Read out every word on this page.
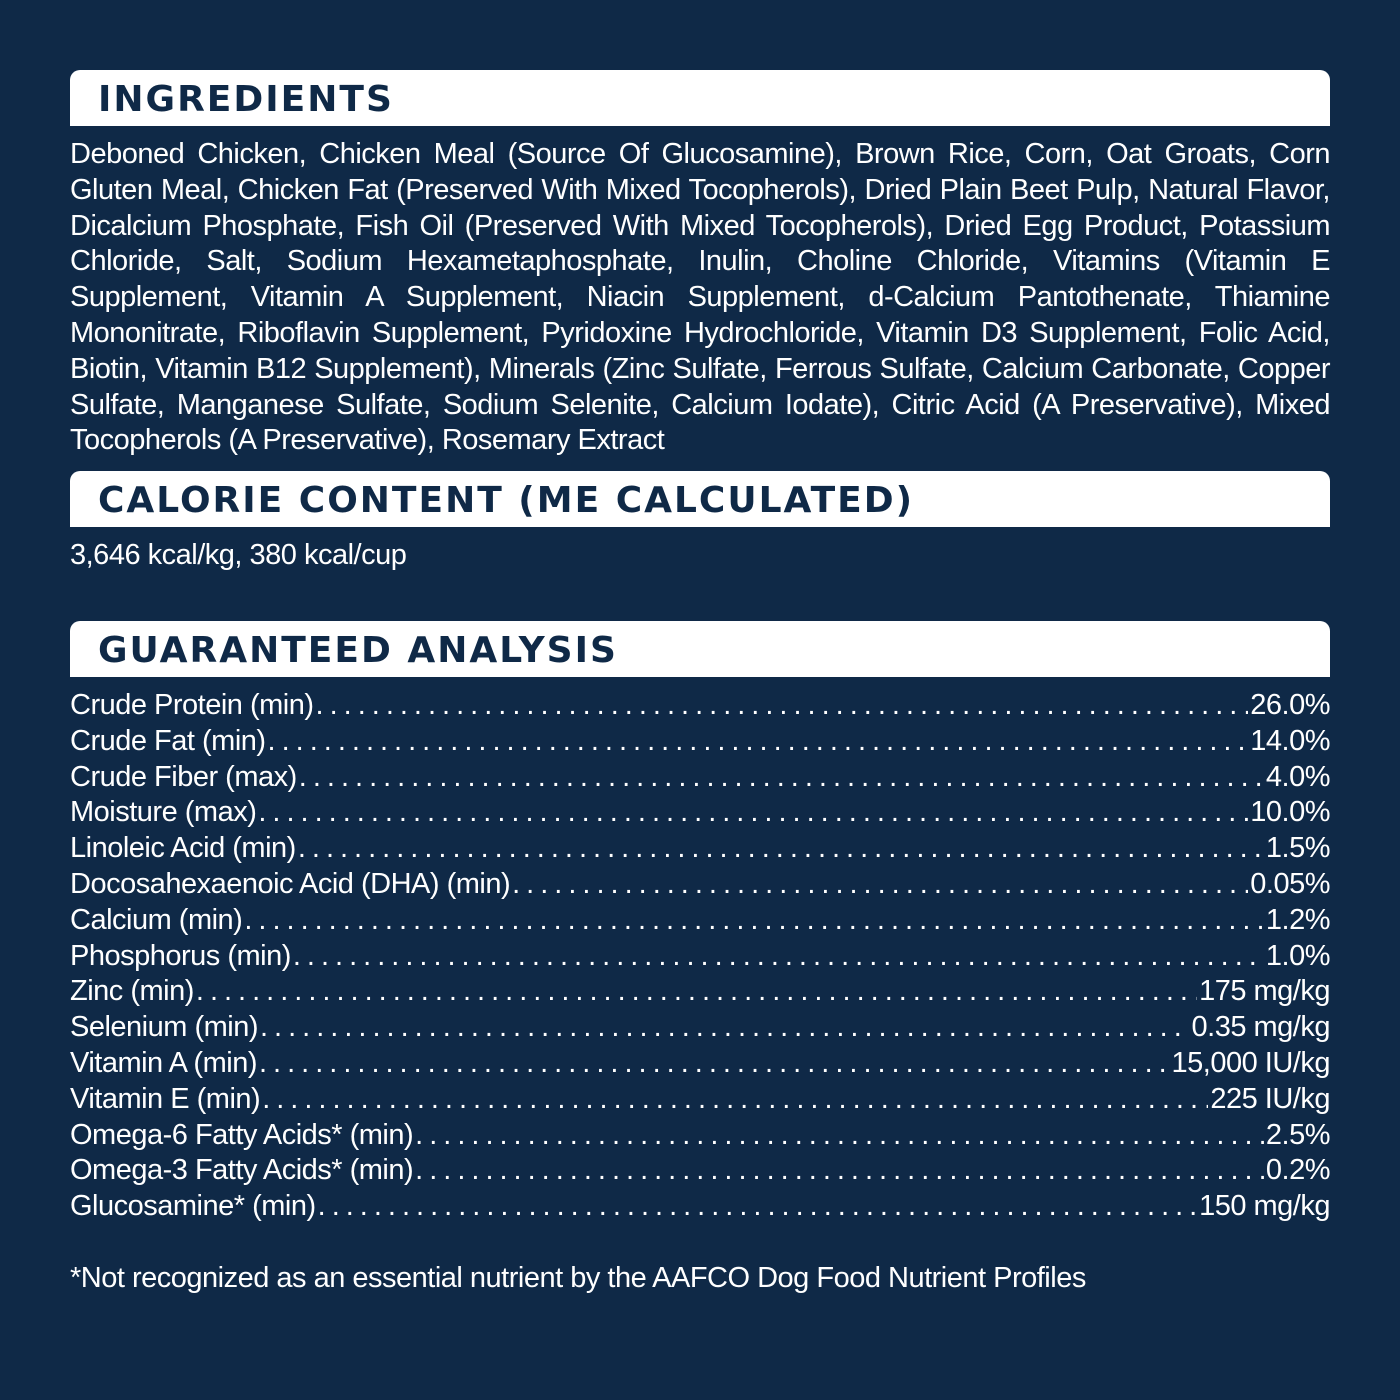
INGREDIENTS
Deboned Chicken, Chicken Meal (Source Of Glucosamine), Brown Rice, Corn, Oat Groats, Corn Gluten Meal, Chicken Fat (Preserved With Mixed Tocopherols), Dried Plain Beet Pulp, Natural Flavor, Dicalcium Phosphate, Fish Oil (Preserved With Mixed Tocopherols), Dried Egg Product, Potassium Chloride, Salt, Sodium Hexametaphosphate, Inulin, Choline Chloride, Vitamins (Vitamin E Supplement, Vitamin A Supplement, Niacin Supplement, d-Calcium Pantothenate, Thiamine Mononitrate, Riboflavin Supplement, Pyridoxine Hydrochloride, Vitamin D3 Supplement, Folic Acid, Biotin, Vitamin B12 Supplement), Minerals (Zinc Sulfate, Ferrous Sulfate, Calcium Carbonate, Copper Sulfate, Manganese Sulfate, Sodium Selenite, Calcium Iodate), Citric Acid (A Preservative), Mixed Tocopherols (A Preservative), Rosemary Extract
CALORIE CONTENT (ME CALCULATED)
3,646 kcal/kg, 380 kcal/cup
GUARANTEED ANALYSIS
Crude Protein (min) .....	26.0%
Crude Fat (min) .....	14.0%
Crude Fiber (max) .....	4.0%
Moisture (max) .....	10.0%
Linoleic Acid (min) .....	1.5%
Docosahexaenoic Acid (DHA) (min) .....	0.05%
Calcium (min) .....	1.2%
Phosphorus (min) .....	1.0%
Zinc (min) .....	175 mg/kg
Selenium (min) .....	0.35 mg/kg
Vitamin A (min) .....	15,000 IU/kg
Vitamin E (min) .....	225 IU/kg
Omega-6 Fatty Acids* (min) .....	2.5%
Omega-3 Fatty Acids* (min) .....	0.2%
Glucosamine* (min) .....	150 mg/kg
*Not recognized as an essential nutrient by the AAFCO Dog Food Nutrient Profiles
